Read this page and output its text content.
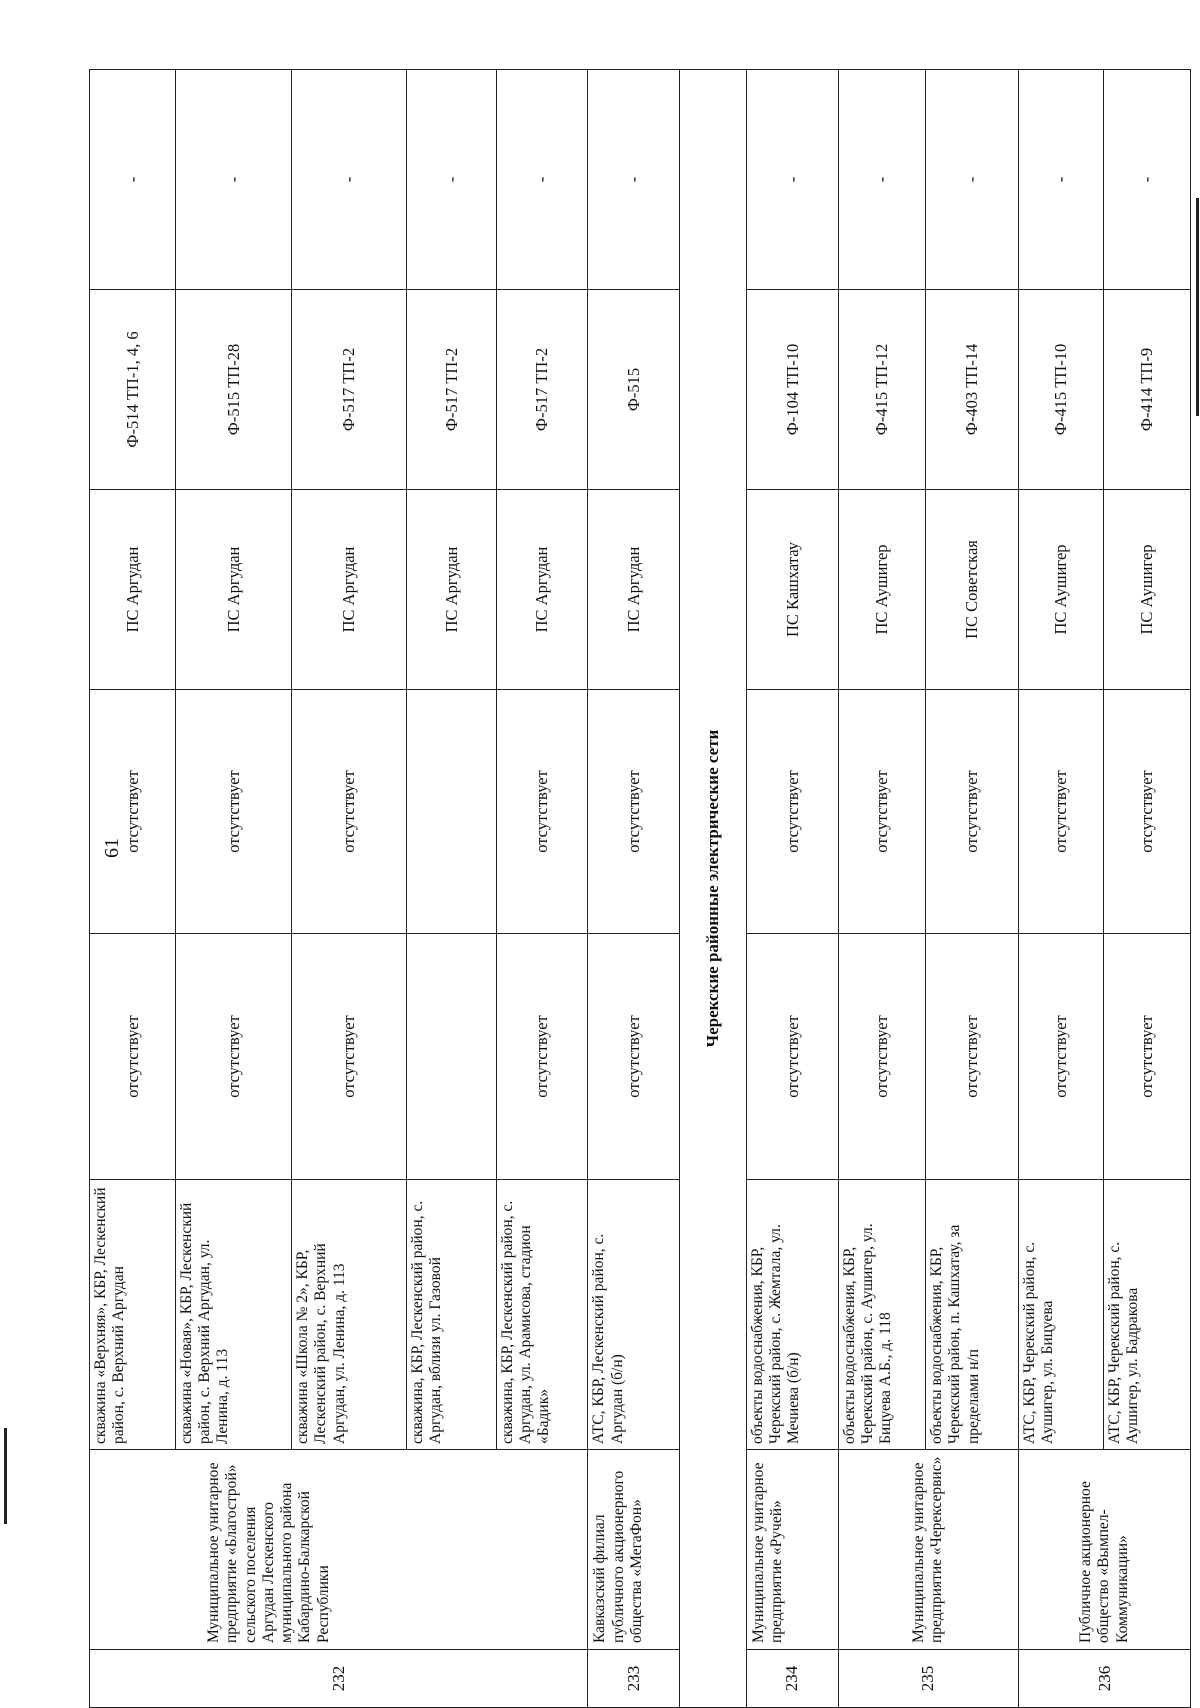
61
232	Муниципальное унитарное предприятие «Благострой» сельского поселения Аргудан Лескенского муниципального района Кабардино-Балкарской Республики	скважина «Верхняя», КБР, Лескенский район, с. Верхний Аргудан	отсутствует	отсутствует	ПС Аргудан	Ф-514 ТП-1, 4, 6	-
		скважина «Новая», КБР, Лескенский район, с. Верхний Аргудан, ул. Ленина, д. 113	отсутствует	отсутствует	ПС Аргудан	Ф-515 ТП-28	-
		скважина «Школа № 2», КБР, Лескенский район, с. Верхний Аргудан, ул. Ленина, д. 113	отсутствует	отсутствует	ПС Аргудан	Ф-517 ТП-2	-
		скважина, КБР, Лескенский район, с. Аргудан, вблизи ул. Газовой			ПС Аргудан	Ф-517 ТП-2	-
		скважина, КБР, Лескенский район, с. Аргудан, ул. Арамисова, стадион «Бадик»	отсутствует	отсутствует	ПС Аргудан	Ф-517 ТП-2	-
233	Кавказский филиал публичного акционерного общества «МегаФон»	АТС, КБР, Лескенский район, с. Аргудан (б/н)	отсутствует	отсутствует	ПС Аргудан	Ф-515	-
Черекские районные электрические сети							
234	Муниципальное унитарное предприятие «Ручей»	объекты водоснабжения, КБР, Черекский район, с. Жемтала, ул. Мечиева (б/н)	отсутствует	отсутствует	ПС Кашхатау	Ф-104 ТП-10	-
235	Муниципальное унитарное предприятие «Черексервис»	объекты водоснабжения, КБР, Черекский район, с. Аушигер, ул. Бицуева А.Б., д. 118	отсутствует	отсутствует	ПС Аушигер	Ф-415 ТП-12	-
		объекты водоснабжения, КБР, Черекский район, п. Кашхатау, за пределами н/п	отсутствует	отсутствует	ПС Советская	Ф-403 ТП-14	-
236	Публичное акционерное общество «Вымпел-Коммуникации»	АТС, КБР, Черекский район, с. Аушигер, ул. Бицуева	отсутствует	отсутствует	ПС Аушигер	Ф-415 ТП-10	-
		АТС, КБР, Черекский район, с. Аушигер, ул. Бадракова	отсутствует	отсутствует	ПС Аушигер	Ф-414 ТП-9	-
